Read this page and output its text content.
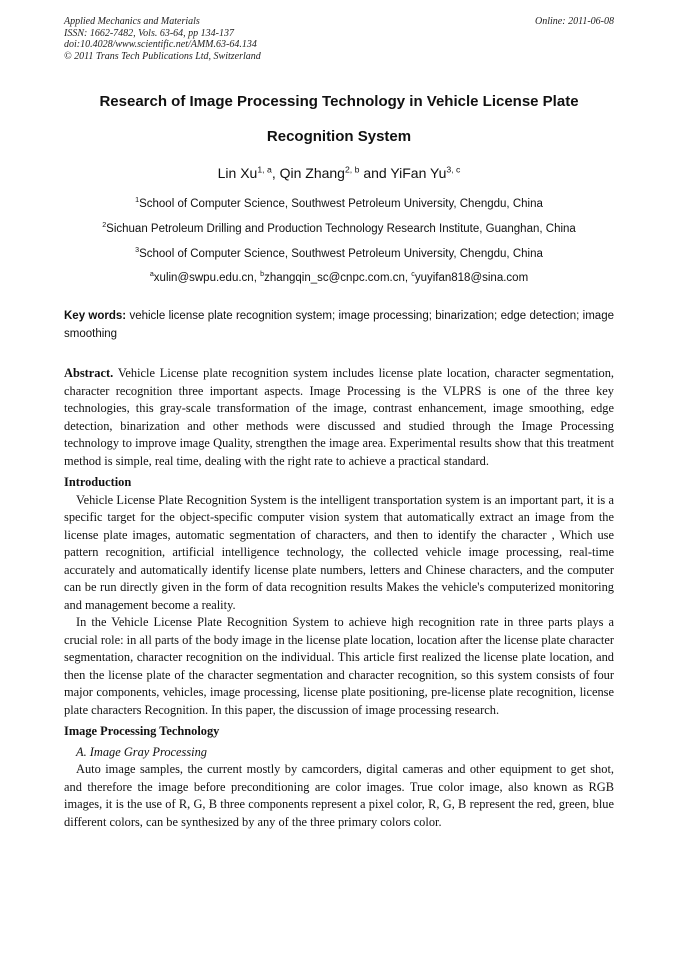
Applied Mechanics and Materials
ISSN: 1662-7482, Vols. 63-64, pp 134-137
doi:10.4028/www.scientific.net/AMM.63-64.134
© 2011 Trans Tech Publications Ltd, Switzerland
Online: 2011-06-08
Research of Image Processing Technology in Vehicle License Plate
Recognition System
Lin Xu$^{1, a}$, Qin Zhang$^{2, b}$ and YiFan Yu$^{3, c}$
$^1$School of Computer Science, Southwest Petroleum University, Chengdu, China
$^2$Sichuan Petroleum Drilling and Production Technology Research Institute, Guanghan, China
$^3$School of Computer Science, Southwest Petroleum University, Chengdu, China
$^a$xulin@swpu.edu.cn, $^b$zhangqin_sc@cnpc.com.cn, $^c$yuyifan818@sina.com
Key words: vehicle license plate recognition system; image processing; binarization; edge detection; image smoothing
Abstract. Vehicle License plate recognition system includes license plate location, character segmentation, character recognition three important aspects. Image Processing is the VLPRS is one of the three key technologies, this gray-scale transformation of the image, contrast enhancement, image smoothing, edge detection, binarization and other methods were discussed and studied through the Image Processing technology to improve image Quality, strengthen the image area. Experimental results show that this treatment method is simple, real time, dealing with the right rate to achieve a practical standard.
Introduction

Vehicle License Plate Recognition System is the intelligent transportation system is an important part, it is a specific target for the object-specific computer vision system that automatically extract an image from the license plate images, automatic segmentation of characters, and then to identify the character , Which use pattern recognition, artificial intelligence technology, the collected vehicle image processing, real-time accurately and automatically identify license plate numbers, letters and Chinese characters, and the computer can be run directly given in the form of data recognition results Makes the vehicle's computerized monitoring and management become a reality.

In the Vehicle License Plate Recognition System to achieve high recognition rate in three parts plays a crucial role: in all parts of the body image in the license plate location, location after the license plate character segmentation, character recognition on the individual. This article first realized the license plate location, and then the license plate of the character segmentation and character recognition, so this system consists of four major components, vehicles, image processing, license plate positioning, pre-license plate recognition, license plate characters Recognition. In this paper, the discussion of image processing research.

Image Processing Technology
A. Image Gray Processing

Auto image samples, the current mostly by camcorders, digital cameras and other equipment to get shot, and therefore the image before preconditioning are color images. True color image, also known as RGB images, it is the use of R, G, B three components represent a pixel color, R, G, B represent the red, green, blue different colors, can be synthesized by any of the three primary colors color.
